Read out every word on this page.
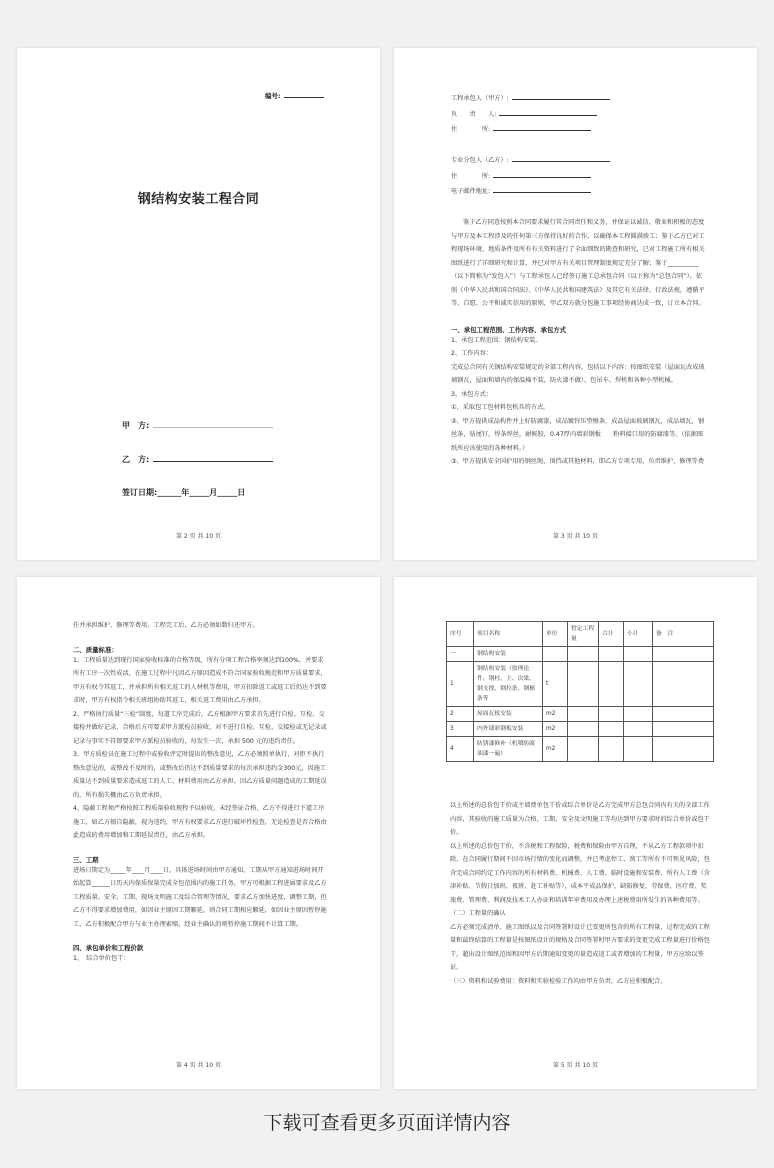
编号:
钢结构安装工程合同
甲　方:
乙　方:
签订日期:______年_____月_____日
第 2 页 共 10 页
工程承包人（甲方）:
负　　责　　人:
住　　　　所:
专业分包人（乙方）:
住　　　　所:
电子邮件地址:

鉴于乙方同意按照本合同要求履行其合同责任和义务，并保证以诚信、敬业和积极的态度与甲方及本工程涉及的任何第三方保持良好的合作，以确保本工程圆满竣工；鉴于乙方已对工程现场环境、地质条件及所有有关资料进行了全面细致的勘查和研究，已对工程施工所有相关图纸进行了详细研究和计算，并已对甲方有关项目管理制度规定充分了解；鉴于__________（以下简称为“发包人”）与工程承包人已经签订施工总承包合同（以下称为“总包合同”）。依照《中华人民共和国合同法》、《中华人民共和国建筑法》及其它有关法律、行政法规，遵循平等、自愿、公平和诚实信用的原则，甲乙双方就分包施工事项经协商达成一致，订立本合同。

一、承包工程范围、工作内容、承包方式

1、承包工程范围：钢结构安装。

2、工作内容：

完成总合同有关钢结构安装规定的全部工程内容，包括以下内容：按图纸安装（屋面瓦改成玻璃钢瓦，屋面和墙内的保温棉不装，防火漆不做），包吊车、焊机和各种小型机械。

3、承包方式：

①、采取包工包材料包机具的方式。

②、甲方提供成品构件并上好防腐漆，成品镀锌压型檩条，成品屋面玻璃钢瓦，成品墙瓦，钢丝条，钻尾钉，焊条焊丝，耐候胶，0.47厚内墙彩钢板　　粉料接口用的防腐漆等。（依据图纸所应该使用的各种材料。）

③、甲方提供安全国护用的钢丝绳，围挡或其他材料，即乙方专项专用，负责维护、修理等费

第 3 页 共 10 页

任并承担维护、修理等费用，工程完工后，乙方必须如数归还甲方。

二、质量标准：

1、工程质量达到现行国家验收标准的合格等级，所有分项工程合格率须达到100%，并要求所有工序一次性成活，在施工过程中凡因乙方原因造成不符合国家验收规范和甲方质量要求，甲方有权令其返工，并承担所有相关返工的人材机等费用，甲方扣除返工或返工后仍达不到要求时，甲方有权指令相关班组协助其返工，相关返工费用由乙方承担。

2、严格执行质量“三检”制度，每道工序完成后，乙方根据甲方要求首先进行自检、互检、交接检并做好记录，合格后方可要求甲方派检员验收，对不进行自检、互检、交接检或无记录或记录与事实不符即要求甲方派检员验收的，每发生一次，承担 500 元的违约责任。

3、甲方质检员在施工过程中或验收评定时提出的整改意见，乙方必须照单执行，对拒不执行整改意见的，或整改不及时的，或整改后仍达不到质量要求的每次承担违约金300元，因施工质量达不到质量要求造成返工的人工、材料费用由乙方承担，因乙方质量问题造成的工期延误的，所有损失概由乙方负责承担。

4、隐蔽工程须严格按照工程质量验收规程予以验收，未经签证合格，乙方不得进行下道工序施工，如乙方擅自隐蔽，视为违约，甲方有权要求乙方进行破坏性检查，无论检查是否合格由此造成的费用增加和工期延误责任，由乙方承担。

三、工期

进场日期定为_____年____月____日，具体进场时间由甲方通知，工期从甲方通知进场时间开始起算______日历天内保质保量完成全包范围内的施工任务，甲方可根据工程进展要求及乙方工程质量、安全、工期、现场文明施工及综合管理等情况，要求乙方加快进度，调整工期，但乙方不得要求增加费用，如因业主原因工期顺延，则合同工期相应顺延，如因业主原因暂停施工，乙方积极配合甲方与业主办理索赔，经业主确认的则暂停施工期间不计算工期。

四、承包单价和工程价款

1、　综合单价包干：

第 4 页 共 10 页
序号	项目名称	单位	暂定工程量	合计	小计	备　注
一	钢结构安装					
1	钢结构安装（按理论件、钢柱、主、次梁、钢支撑、钢拉条、钢檩条等	t				
2	屋面瓦板安装	m2				
3	内外墙彩钢板安装	m2				
4	防锈漆修补（机喷防腐油漆一遍）	m2				

以上所述的总价包干价或主墙费单包干价或综合单价是乙方完成甲方总包合同内有关的全部工作内容，其验收的施工质量为合格，工期、安全及文明施工等均达到甲方要求时的综合单价或包干价。

以上所述的总价包干价，不含税和工程保险，税费和保险由甲方自理，不从乙方工程款项中扣除，在合同履行期间不因市场行情的变化而调整，并已考虑停工、窝工等所有不可预见风险，包含完成合同约定工作内容的所有材料费、机械费、人工费、临时设施和安装费、所有人工费（含津补贴、节假日加班、夜班、赶工补贴等），成本平成品保护、缺陷修复、劳保费、医疗费、奖旅费、管理费、利润及技术工人办证和培训年审费用及办理上述税费用所发生的各种费用等。

（二）工程量的确认

乙方必须完成清单、施工图纸以及合同签署时设计已变更所包含的所有工程量，过程完成的工程量和最终结算的工程量是按图纸设计的规格及合同签署时甲方要求的变更完成工程量进行价格包干，超出设计图纸范围和因甲方后期通知变更的量造成返工或者增加的工程量，甲方应给以签证。

（三）资料和试验费用：资料和实验检验工作均由甲方负责，乙方应积极配合。

第 5 页 共 10 页
下载可查看更多页面详情内容
